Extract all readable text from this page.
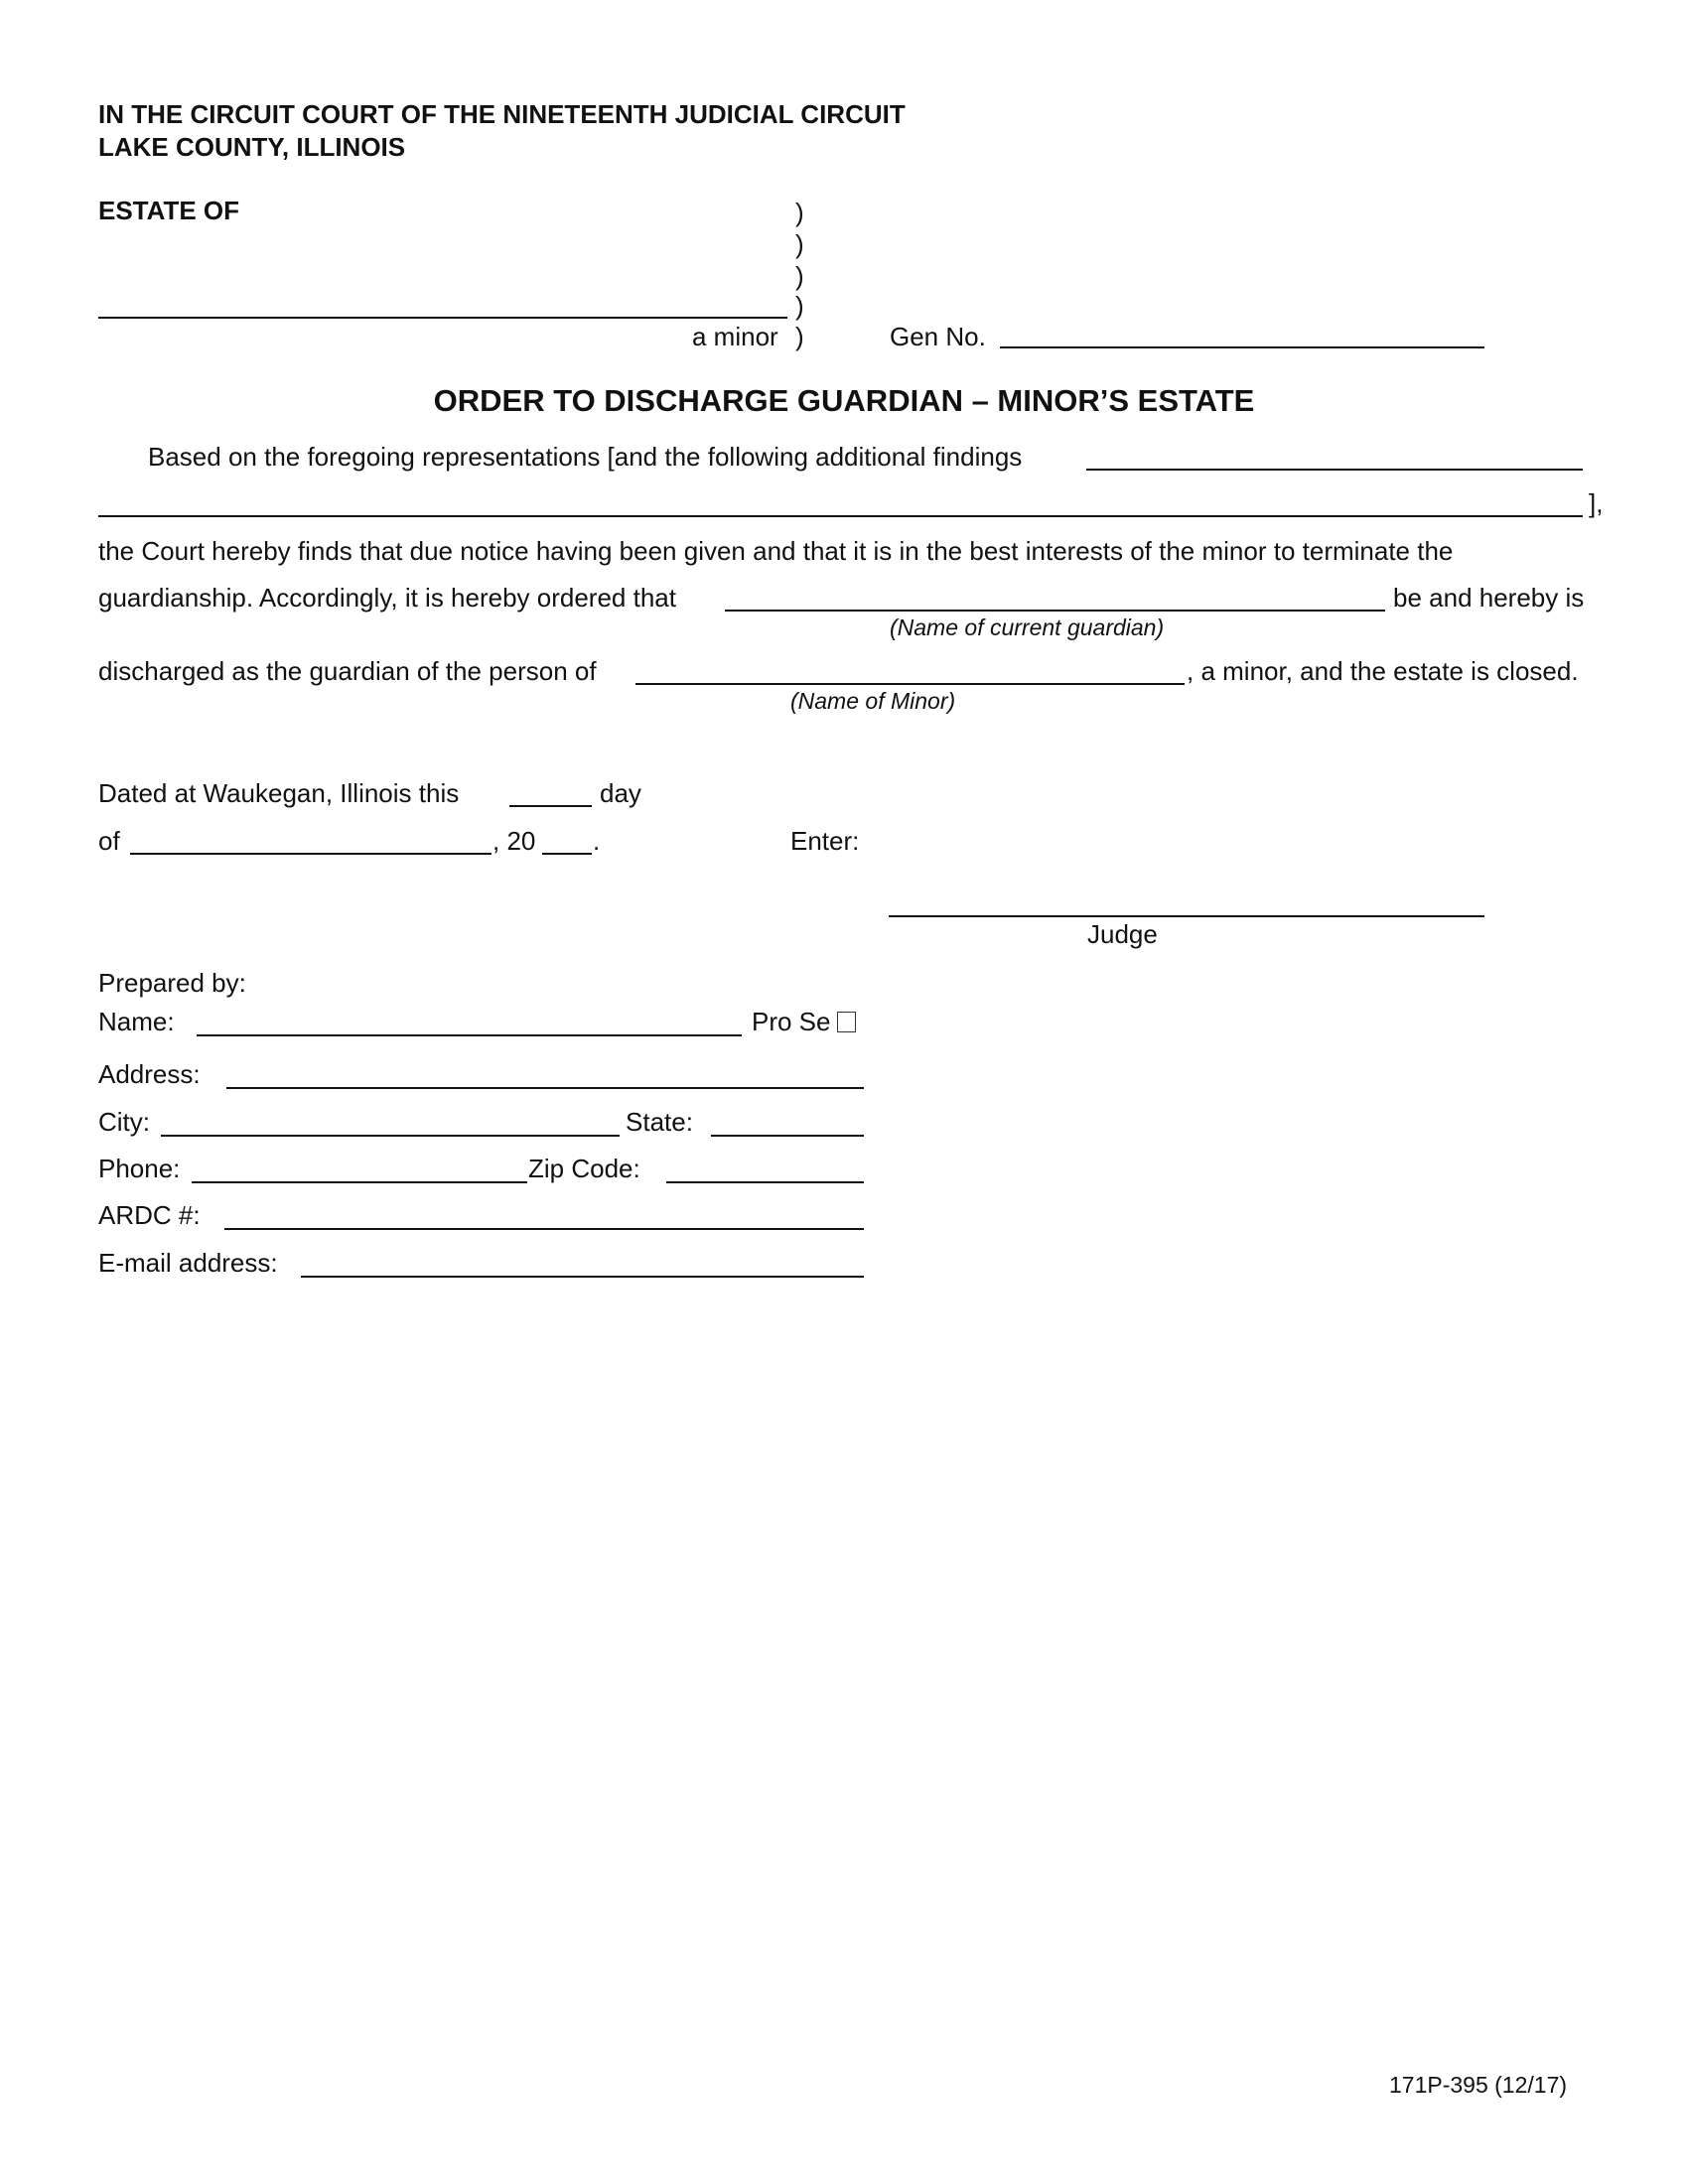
IN THE CIRCUIT COURT OF THE NINETEENTH JUDICIAL CIRCUIT
LAKE COUNTY, ILLINOIS
ESTATE OF	)
)
)
)
)
a minor	Gen No.
ORDER TO DISCHARGE GUARDIAN – MINOR’S ESTATE
Based on the foregoing representations [and the following additional findings
],
the Court hereby finds that due notice having been given and that it is in the best interests of the minor to terminate the
guardianship. Accordingly, it is hereby ordered that	be and hereby is
(Name of current guardian)
discharged as the guardian of the person of	, a minor, and the estate is closed.
(Name of Minor)
Dated at Waukegan, Illinois this	day
of	, 20 .	Enter:
Judge
Prepared by:
Name:	Pro Se
Address:
City:	State:
Phone:	Zip Code:
ARDC #:
E-mail address:
171P-395 (12/17)
